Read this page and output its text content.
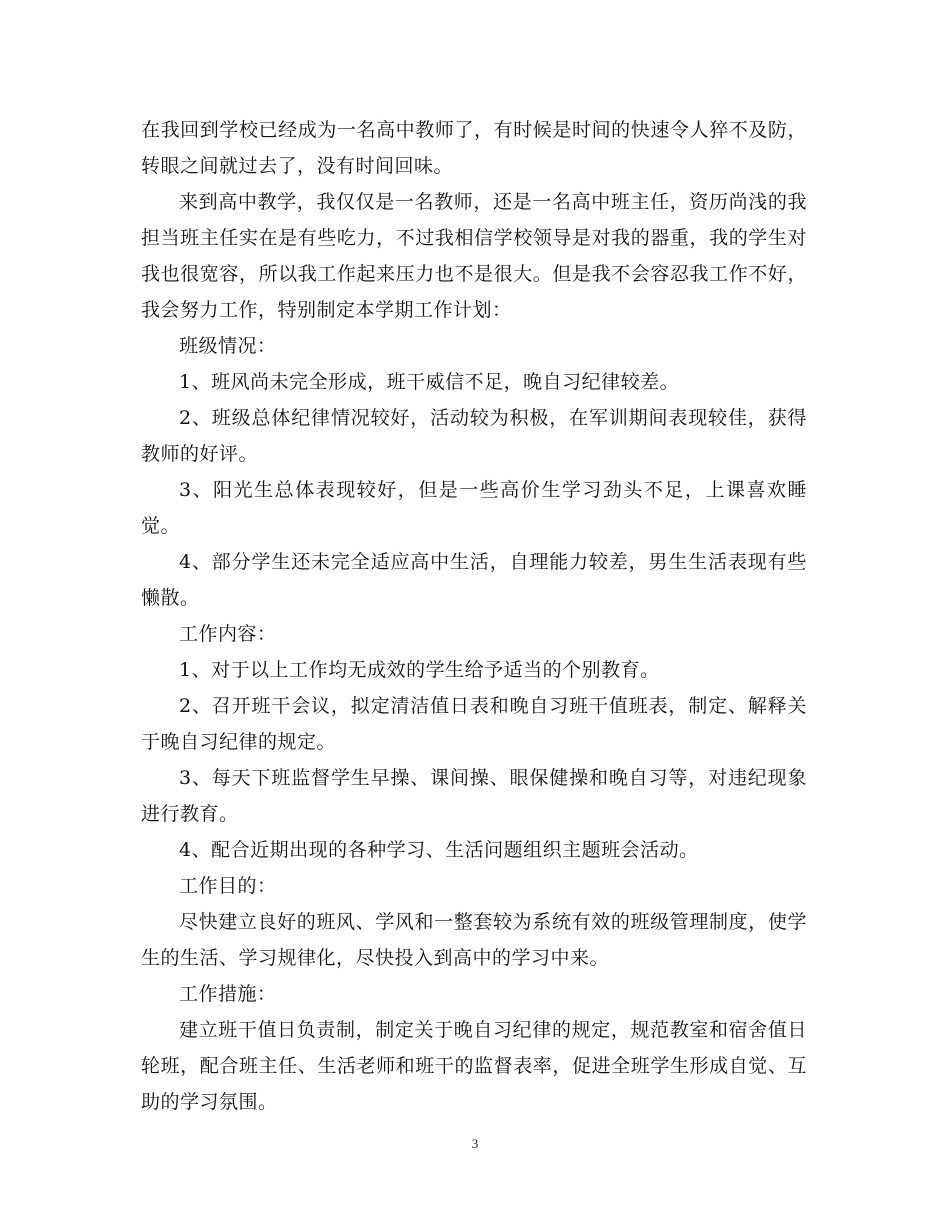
在我回到学校已经成为一名高中教师了，有时候是时间的快速令人猝不及防，转眼之间就过去了，没有时间回味。

来到高中教学，我仅仅是一名教师，还是一名高中班主任，资历尚浅的我担当班主任实在是有些吃力，不过我相信学校领导是对我的器重，我的学生对我也很宽容，所以我工作起来压力也不是很大。但是我不会容忍我工作不好，我会努力工作，特别制定本学期工作计划：

班级情况：

1、班风尚未完全形成，班干威信不足，晚自习纪律较差。

2、班级总体纪律情况较好，活动较为积极，在军训期间表现较佳，获得教师的好评。

3、阳光生总体表现较好，但是一些高价生学习劲头不足，上课喜欢睡觉。

4、部分学生还未完全适应高中生活，自理能力较差，男生生活表现有些懒散。

工作内容：

1、对于以上工作均无成效的学生给予适当的个别教育。

2、召开班干会议，拟定清洁值日表和晚自习班干值班表，制定、解释关于晚自习纪律的规定。

3、每天下班监督学生早操、课间操、眼保健操和晚自习等，对违纪现象进行教育。

4、配合近期出现的各种学习、生活问题组织主题班会活动。

工作目的：

尽快建立良好的班风、学风和一整套较为系统有效的班级管理制度，使学生的生活、学习规律化，尽快投入到高中的学习中来。

工作措施：

建立班干值日负责制，制定关于晚自习纪律的规定，规范教室和宿舍值日轮班，配合班主任、生活老师和班干的监督表率，促进全班学生形成自觉、互助的学习氛围。

3
